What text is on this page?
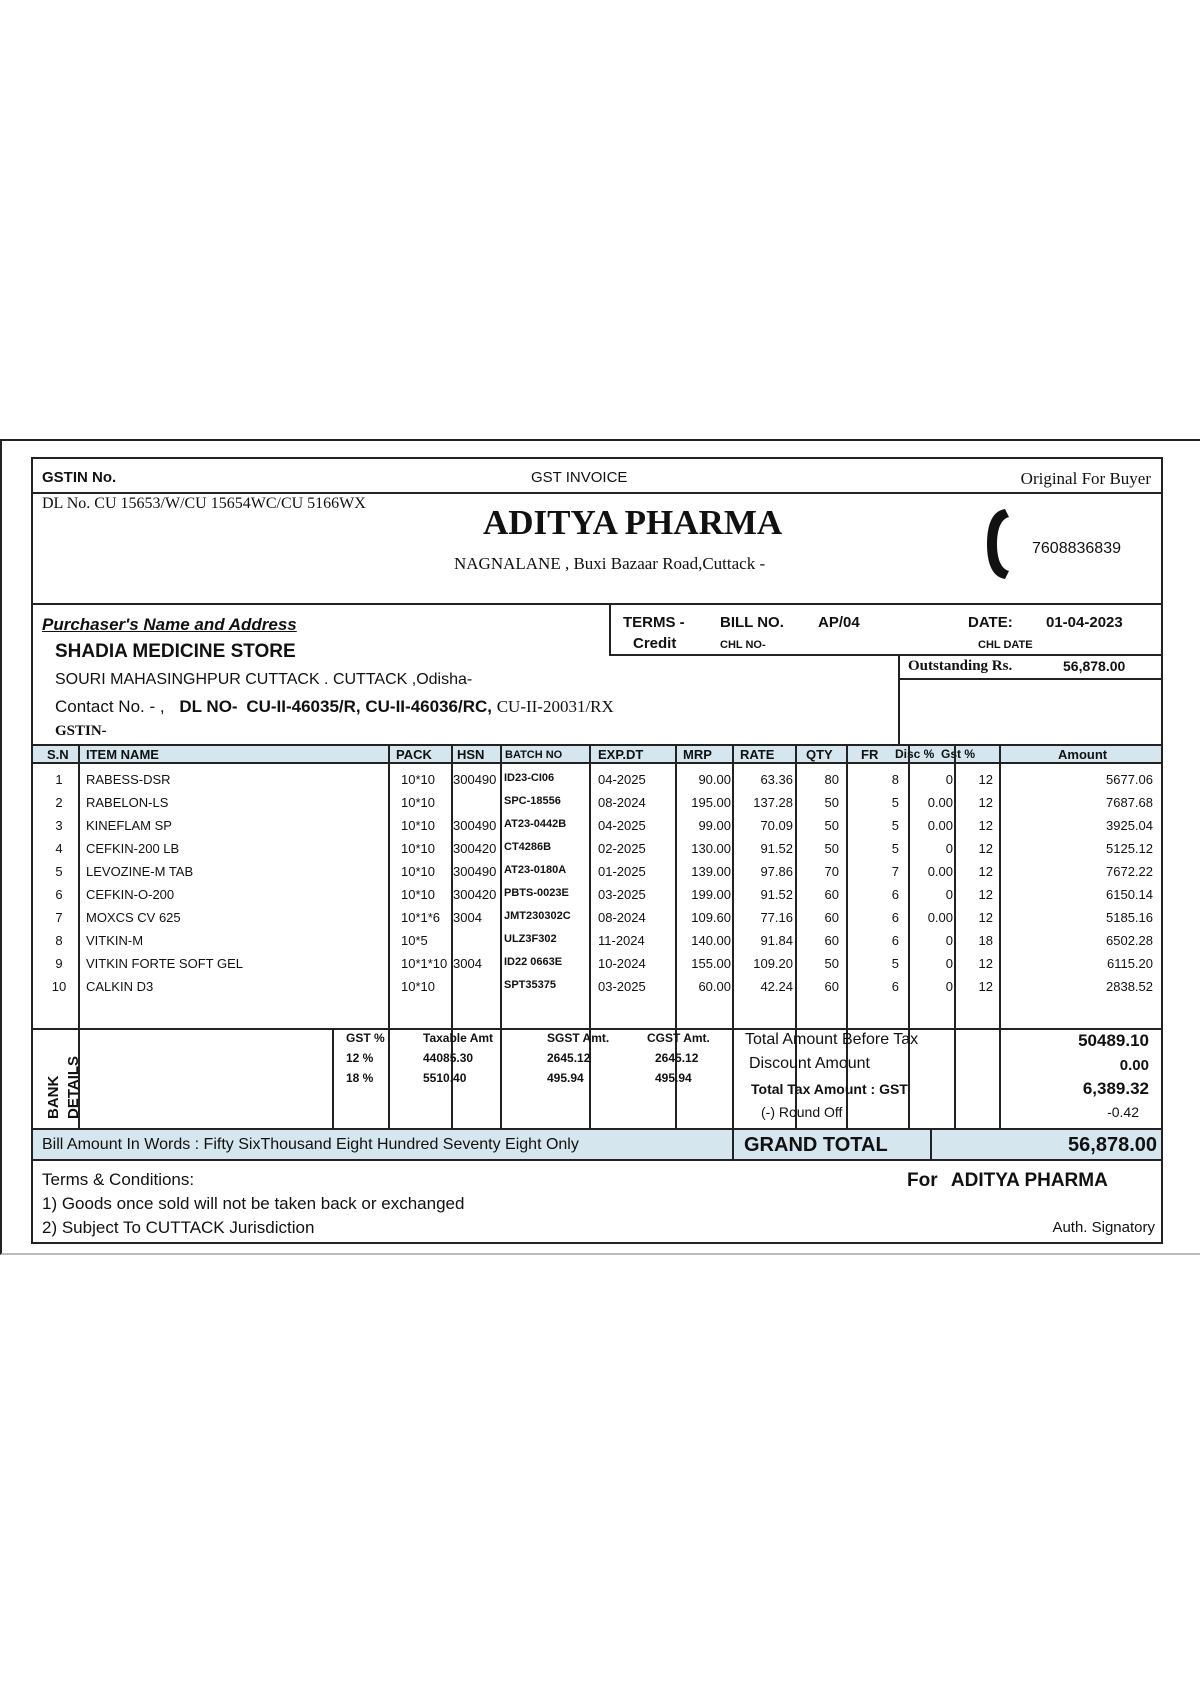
GSTIN No.	GST INVOICE	Original For Buyer
DL No. CU 15653/W/CU 15654WC/CU 5166WX	ADITYA PHARMA
NAGNALANE , Buxi Bazaar Road,Cuttack -
7608836839
Purchaser's Name and Address
SHADIA MEDICINE STORE
SOURI MAHASINGHPUR CUTTACK . CUTTACK ,Odisha-
Contact No. - , DL NO- CU-II-46035/R, CU-II-46036/RC, CU-II-20031/RX
GSTIN-
TERMS -
Credit
BILL NO. AP/04
CHL NO-
DATE: 01-04-2023
CHL DATE
Outstanding Rs.	56,878.00
S.N ITEM NAME	PACK HSN BATCH NO	EXP.DT	MRP RATE QTY FR Disc % Gst %	Amount
1	RABESS-DSR	10*10	300490 ID23-CI06	04-2025	90.00	63.36	80	8	0	12	5677.06
2	RABELON-LS	10*10	SPC-18556	08-2024	195.00	137.28	50	5	0.00	12	7687.68
3	KINEFLAM SP	10*10	300490 AT23-0442B	04-2025	99.00	70.09	50	5	0.00	12	3925.04
4	CEFKIN-200 LB	10*10	300420 CT4286B	02-2025	130.00	91.52	50	5	0	12	5125.12
5	LEVOZINE-M TAB	10*10	300490 AT23-0180A	01-2025	139.00	97.86	70	7	0.00	12	7672.22
6	CEFKIN-O-200	10*10	300420 PBTS-0023E	03-2025	199.00	91.52	60	6	0	12	6150.14
7	MOXCS CV 625	10*1*6 3004	JMT230302C	08-2024	109.60	77.16	60	6	0.00	12	5185.16
8	VITKIN-M	10*5	ULZ3F302	11-2024	140.00	91.84	60	6	0	18	6502.28
9	VITKIN FORTE SOFT GEL	10*1*10 3004	ID22 0663E	10-2024	155.00	109.20	50	5	0	12	6115.20
10	CALKIN D3	10*10	SPT35375	03-2025	60.00	42.24	60	6	0	12	2838.52
BANK DETAILS
GST %	Taxable Amt	SGST Amt.	CGST Amt.
12 %	44085.30	2645.12	2645.12
18 %	5510.40	495.94	495.94
Total Amount Before Tax	50489.10
Discount Amount	0.00
Total Tax Amount : GST	6,389.32
(-) Round Off	-0.42
Bill Amount In Words : Fifty SixThousand Eight Hundred Seventy Eight Only	GRAND TOTAL	56,878.00
Terms & Conditions:
1) Goods once sold will not be taken back or exchanged
2) Subject To CUTTACK Jurisdiction
For ADITYA PHARMA
Auth. Signatory
